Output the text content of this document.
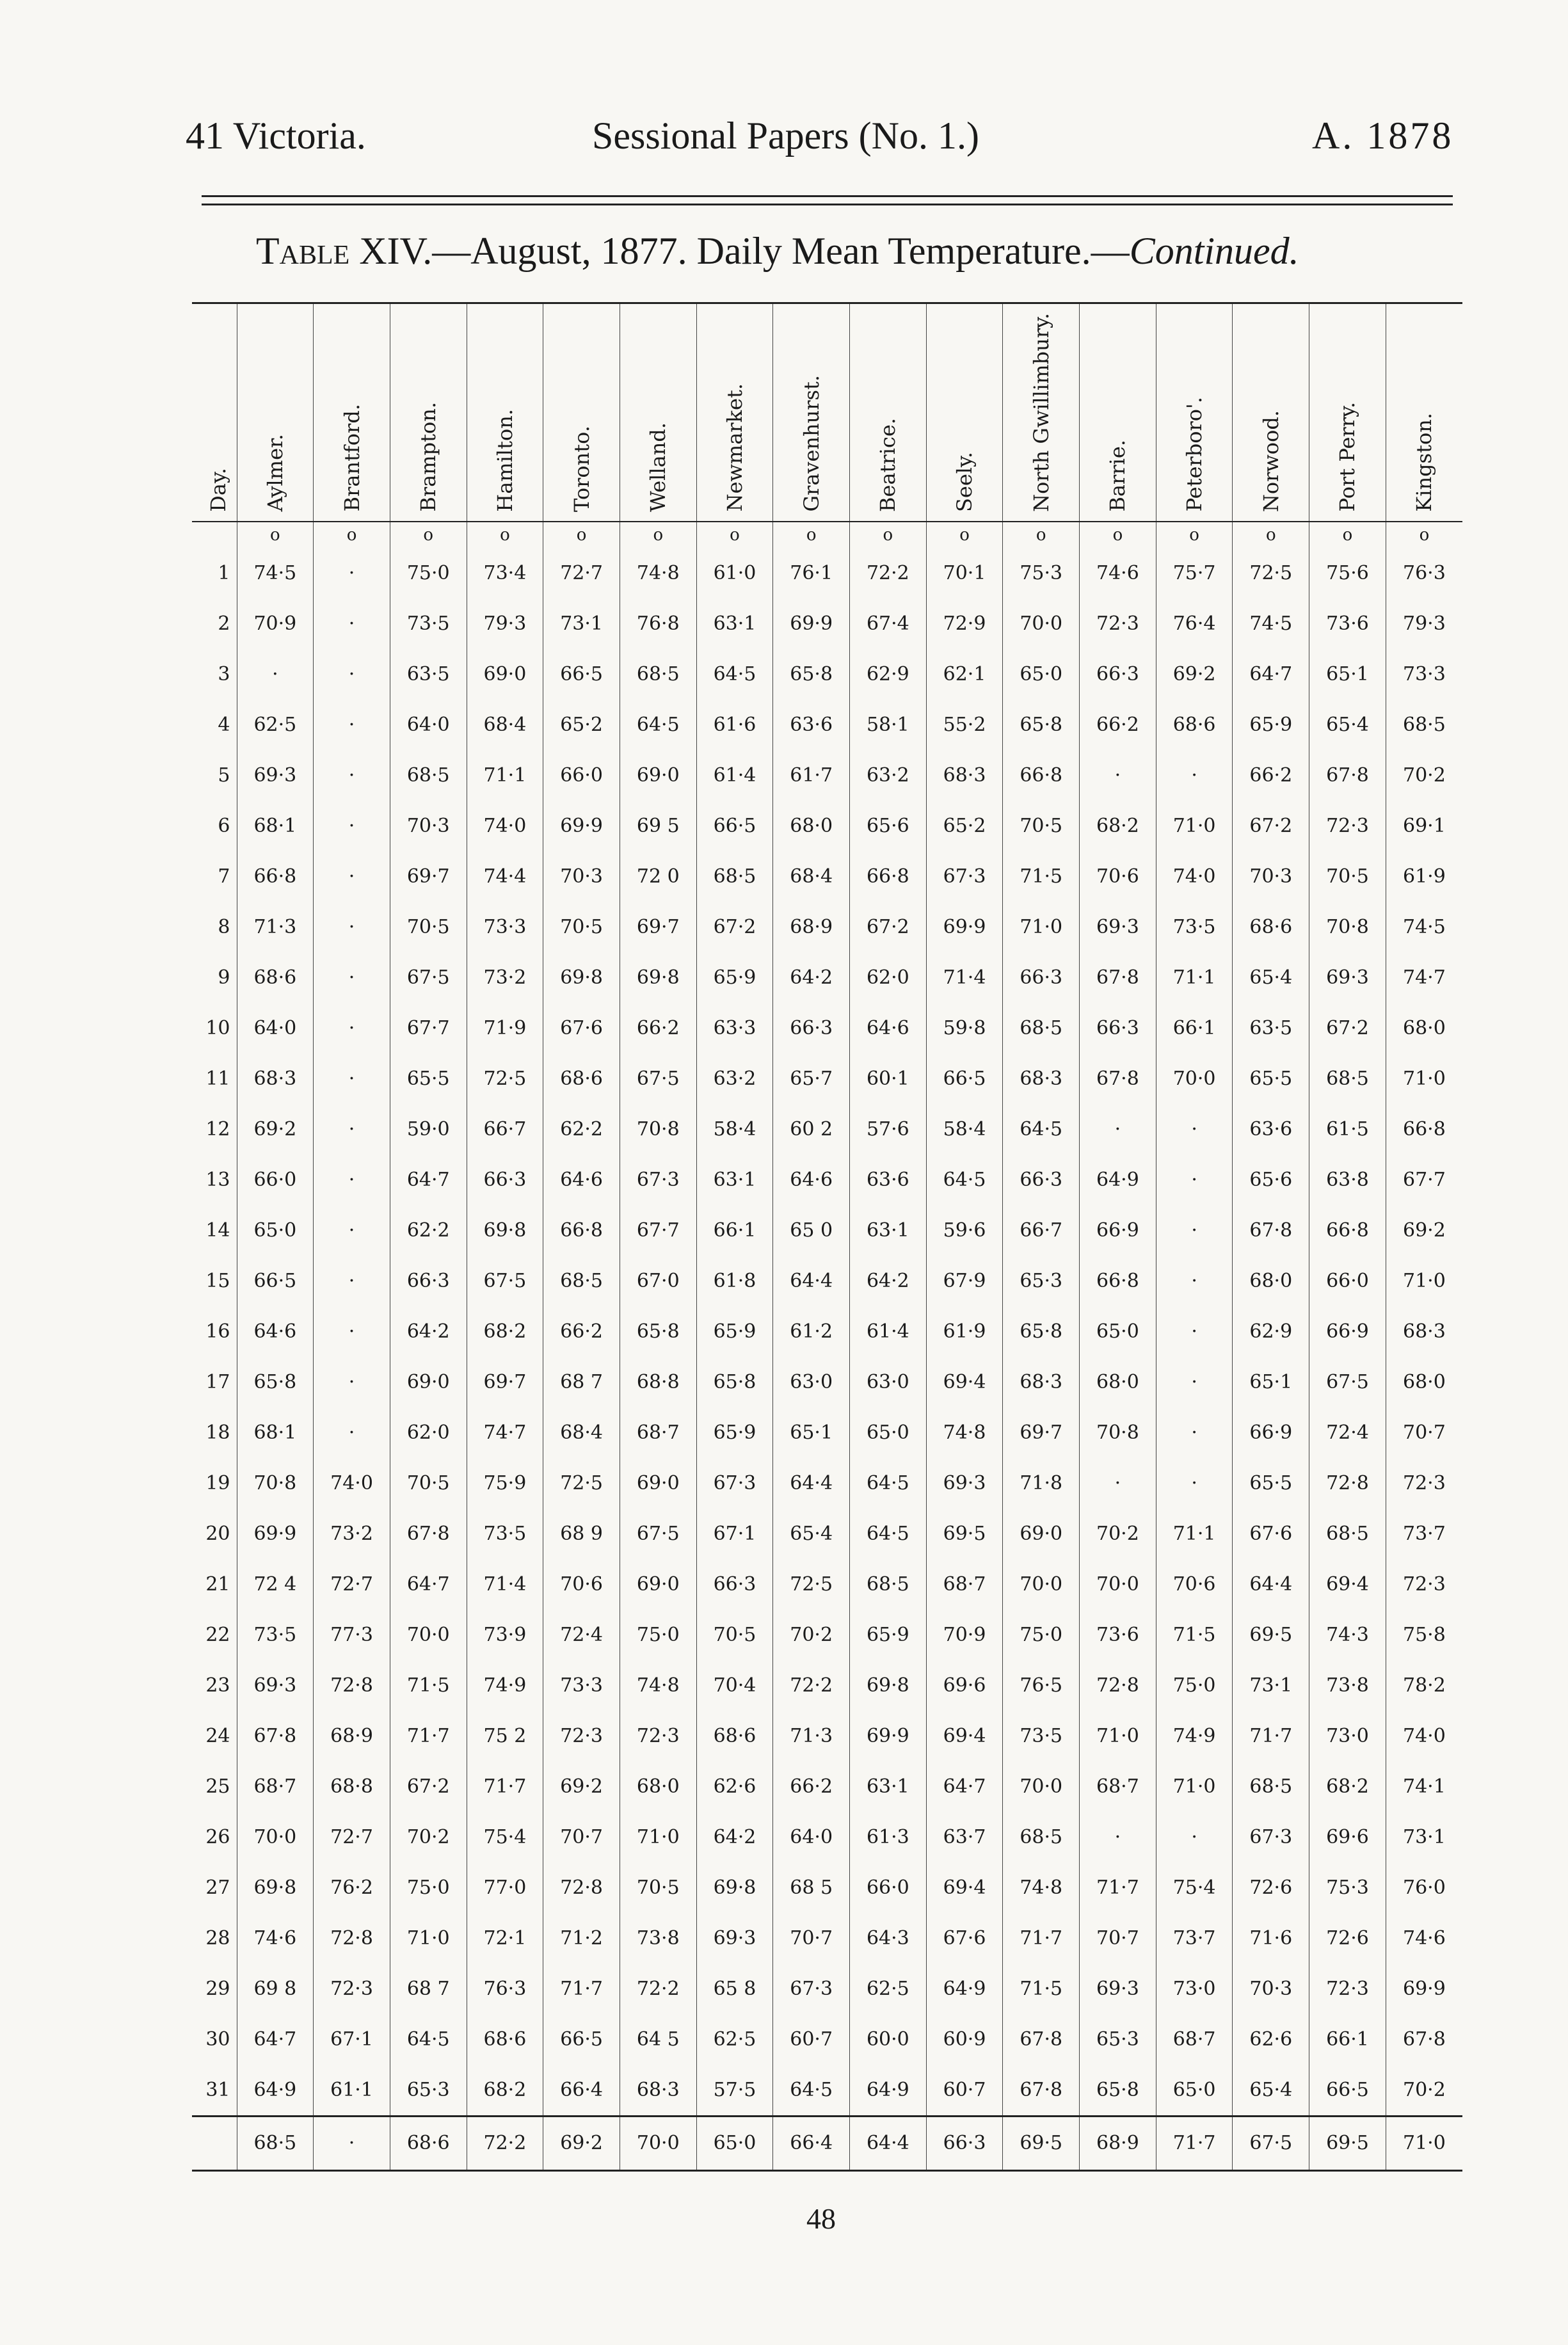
41 Victoria.	Sessional Papers (No. 1.)	A. 1878
Table XIV.—August, 1877. Daily Mean Temperature.—Continued.
Day.	Aylmer.	Brantford.	Brampton.	Hamilton.	Toronto.	Welland.	Newmarket.	Gravenhurst.	Beatrice.	Seely.	North Gwillimbury.	Barrie.	Peterboro'.	Norwood.	Port Perry.	Kingston.
	o	o	o	o	o	o	o	o	o	o	o	o	o	o	o	o
1	74·5	·	75·0	73·4	72·7	74·8	61·0	76·1	72·2	70·1	75·3	74·6	75·7	72·5	75·6	76·3
2	70·9	·	73·5	79·3	73·1	76·8	63·1	69·9	67·4	72·9	70·0	72·3	76·4	74·5	73·6	79·3
3	·	·	63·5	69·0	66·5	68·5	64·5	65·8	62·9	62·1	65·0	66·3	69·2	64·7	65·1	73·3
4	62·5	·	64·0	68·4	65·2	64·5	61·6	63·6	58·1	55·2	65·8	66·2	68·6	65·9	65·4	68·5
5	69·3	·	68·5	71·1	66·0	69·0	61·4	61·7	63·2	68·3	66·8	·	·	66·2	67·8	70·2
6	68·1	·	70·3	74·0	69·9	69 5	66·5	68·0	65·6	65·2	70·5	68·2	71·0	67·2	72·3	69·1
7	66·8	·	69·7	74·4	70·3	72 0	68·5	68·4	66·8	67·3	71·5	70·6	74·0	70·3	70·5	61·9
8	71·3	·	70·5	73·3	70·5	69·7	67·2	68·9	67·2	69·9	71·0	69·3	73·5	68·6	70·8	74·5
9	68·6	·	67·5	73·2	69·8	69·8	65·9	64·2	62·0	71·4	66·3	67·8	71·1	65·4	69·3	74·7
10	64·0	·	67·7	71·9	67·6	66·2	63·3	66·3	64·6	59·8	68·5	66·3	66·1	63·5	67·2	68·0
11	68·3	·	65·5	72·5	68·6	67·5	63·2	65·7	60·1	66·5	68·3	67·8	70·0	65·5	68·5	71·0
12	69·2	·	59·0	66·7	62·2	70·8	58·4	60 2	57·6	58·4	64·5	·	·	63·6	61·5	66·8
13	66·0	·	64·7	66·3	64·6	67·3	63·1	64·6	63·6	64·5	66·3	64·9	·	65·6	63·8	67·7
14	65·0	·	62·2	69·8	66·8	67·7	66·1	65 0	63·1	59·6	66·7	66·9	·	67·8	66·8	69·2
15	66·5	·	66·3	67·5	68·5	67·0	61·8	64·4	64·2	67·9	65·3	66·8	·	68·0	66·0	71·0
16	64·6	·	64·2	68·2	66·2	65·8	65·9	61·2	61·4	61·9	65·8	65·0	·	62·9	66·9	68·3
17	65·8	·	69·0	69·7	68 7	68·8	65·8	63·0	63·0	69·4	68·3	68·0	·	65·1	67·5	68·0
18	68·1	·	62·0	74·7	68·4	68·7	65·9	65·1	65·0	74·8	69·7	70·8	·	66·9	72·4	70·7
19	70·8	74·0	70·5	75·9	72·5	69·0	67·3	64·4	64·5	69·3	71·8	·	·	65·5	72·8	72·3
20	69·9	73·2	67·8	73·5	68 9	67·5	67·1	65·4	64·5	69·5	69·0	70·2	71·1	67·6	68·5	73·7
21	72 4	72·7	64·7	71·4	70·6	69·0	66·3	72·5	68·5	68·7	70·0	70·0	70·6	64·4	69·4	72·3
22	73·5	77·3	70·0	73·9	72·4	75·0	70·5	70·2	65·9	70·9	75·0	73·6	71·5	69·5	74·3	75·8
23	69·3	72·8	71·5	74·9	73·3	74·8	70·4	72·2	69·8	69·6	76·5	72·8	75·0	73·1	73·8	78·2
24	67·8	68·9	71·7	75 2	72·3	72·3	68·6	71·3	69·9	69·4	73·5	71·0	74·9	71·7	73·0	74·0
25	68·7	68·8	67·2	71·7	69·2	68·0	62·6	66·2	63·1	64·7	70·0	68·7	71·0	68·5	68·2	74·1
26	70·0	72·7	70·2	75·4	70·7	71·0	64·2	64·0	61·3	63·7	68·5	·	·	67·3	69·6	73·1
27	69·8	76·2	75·0	77·0	72·8	70·5	69·8	68 5	66·0	69·4	74·8	71·7	75·4	72·6	75·3	76·0
28	74·6	72·8	71·0	72·1	71·2	73·8	69·3	70·7	64·3	67·6	71·7	70·7	73·7	71·6	72·6	74·6
29	69 8	72·3	68 7	76·3	71·7	72·2	65 8	67·3	62·5	64·9	71·5	69·3	73·0	70·3	72·3	69·9
30	64·7	67·1	64·5	68·6	66·5	64 5	62·5	60·7	60·0	60·9	67·8	65·3	68·7	62·6	66·1	67·8
31	64·9	61·1	65·3	68·2	66·4	68·3	57·5	64·5	64·9	60·7	67·8	65·8	65·0	65·4	66·5	70·2
	68·5	·	68·6	72·2	69·2	70·0	65·0	66·4	64·4	66·3	69·5	68·9	71·7	67·5	69·5	71·0
48
